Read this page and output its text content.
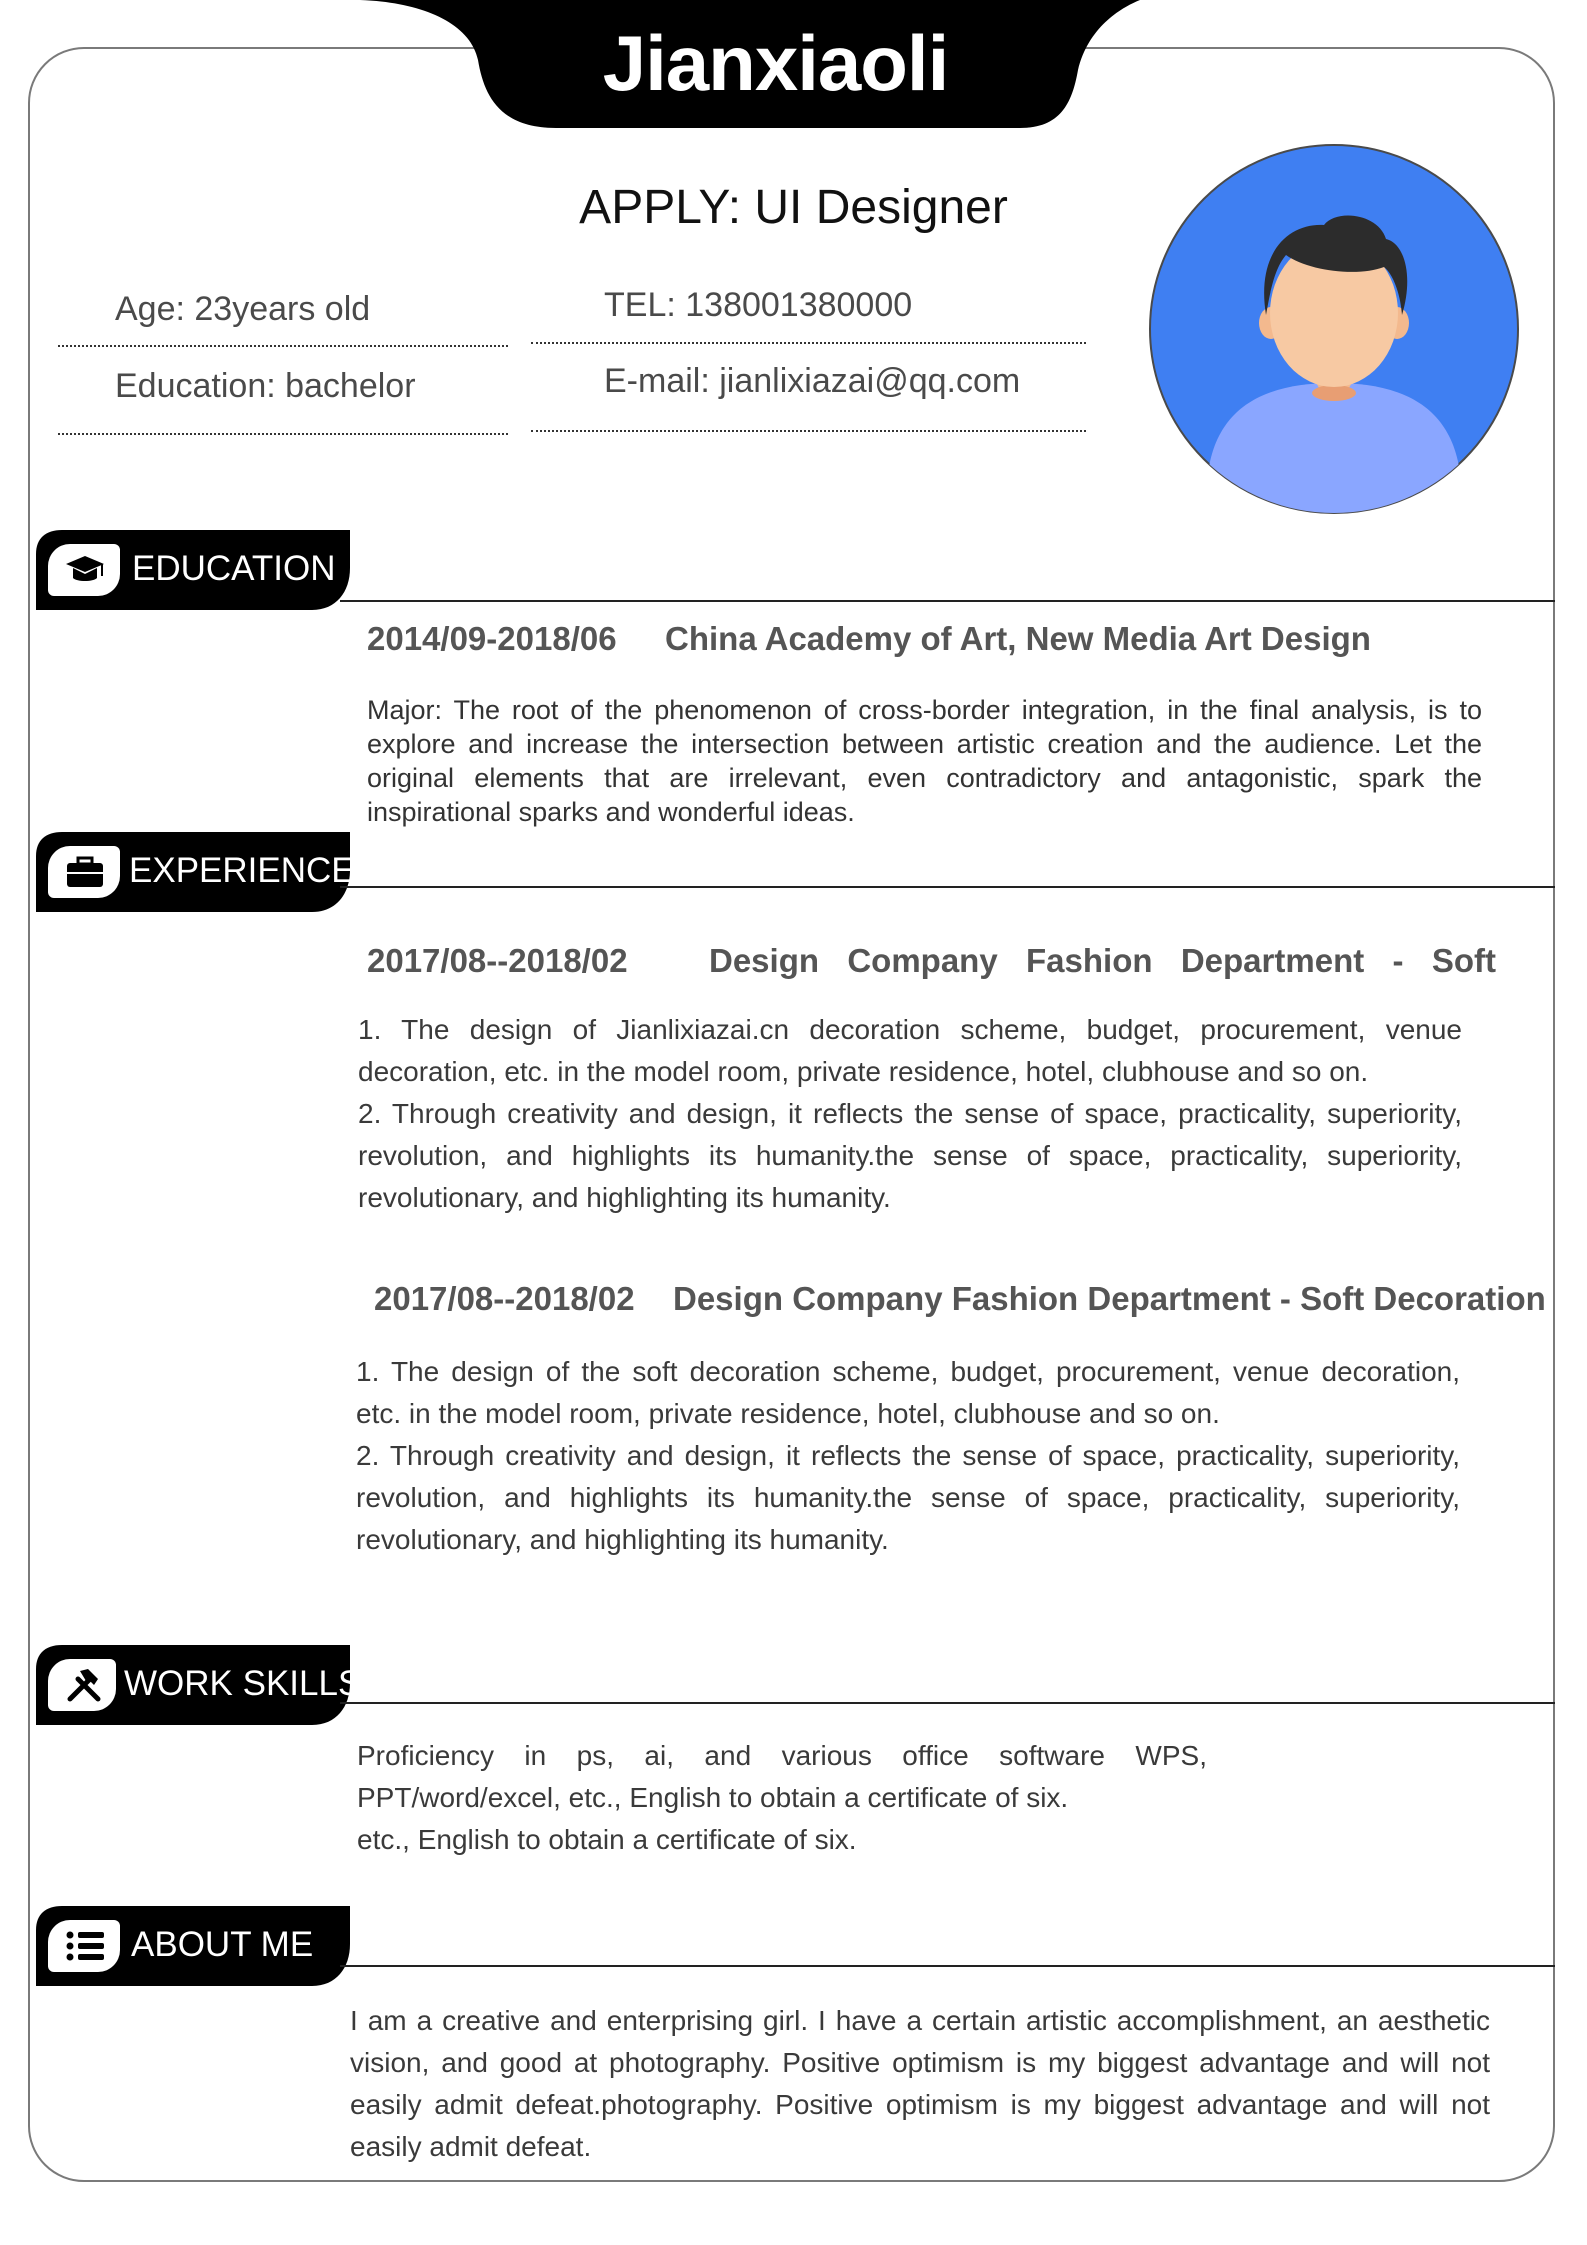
Jianxiaoli
APPLY: UI Designer
Age: 23years old
Education: bachelor
TEL: 138001380000
E-mail: jianlixiazai@qq.com
EDUCATION
2014/09-2018/06 China Academy of Art, New Media Art Design

Major: The root of the phenomenon of cross-border integration, in the final analysis, is to explore and increase the intersection between artistic creation and the audience. Let the original elements that are irrelevant, even contradictory and antagonistic, spark the inspirational sparks and wonderful ideas.

EXPERIENCE
2017/08--2018/02 Design Company Fashion Department - Soft

1. The design of Jianlixiazai.cn decoration scheme, budget, procurement, venue decoration, etc. in the model room, private residence, hotel, clubhouse and so on.

2. Through creativity and design, it reflects the sense of space, practicality, superiority, revolution, and highlights its humanity.the sense of space, practicality, superiority, revolutionary, and highlighting its humanity.

2017/08--2018/02 Design Company Fashion Department - Soft Decoration

1. The design of the soft decoration scheme, budget, procurement, venue decoration, etc. in the model room, private residence, hotel, clubhouse and so on.

2. Through creativity and design, it reflects the sense of space, practicality, superiority, revolution, and highlights its humanity.the sense of space, practicality, superiority, revolutionary, and highlighting its humanity.

WORK SKILLS

Proficiency in ps, ai, and various office software WPS, PPT/word/excel, etc., English to obtain a certificate of six.

etc., English to obtain a certificate of six.

ABOUT ME

I am a creative and enterprising girl. I have a certain artistic accomplishment, an aesthetic vision, and good at photography. Positive optimism is my biggest advantage and will not easily admit defeat.photography. Positive optimism is my biggest advantage and will not easily admit defeat.
